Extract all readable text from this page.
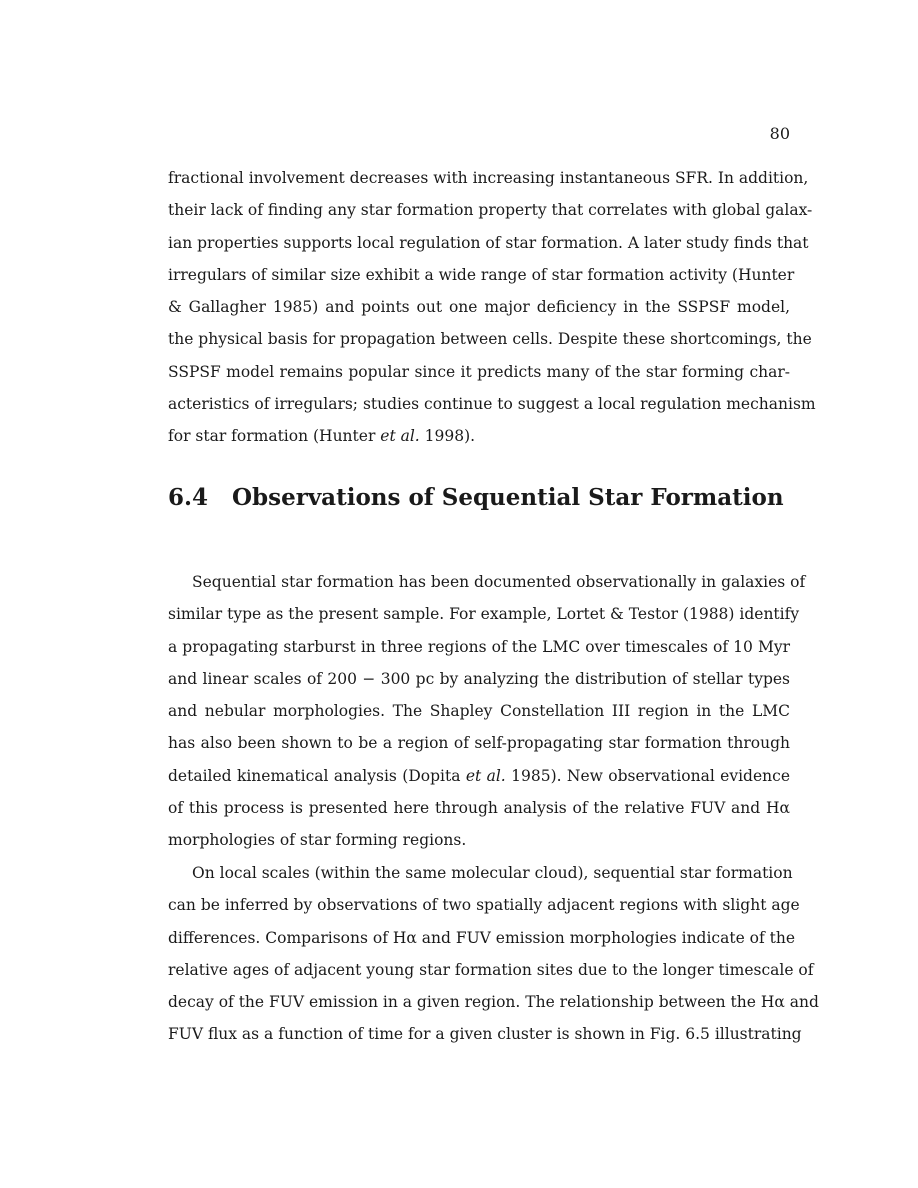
80
fractional involvement decreases with increasing instantaneous SFR. In addition,
their lack of finding any star formation property that correlates with global galax-
ian properties supports local regulation of star formation. A later study finds that
irregulars of similar size exhibit a wide range of star formation activity (Hunter
& Gallagher 1985) and points out one major deficiency in the SSPSF model,
the physical basis for propagation between cells. Despite these shortcomings, the
SSPSF model remains popular since it predicts many of the star forming char-
acteristics of irregulars; studies continue to suggest a local regulation mechanism
for star formation (Hunter et al. 1998).
6.4 Observations of Sequential Star Formation
Sequential star formation has been documented observationally in galaxies of
similar type as the present sample. For example, Lortet & Testor (1988) identify
a propagating starburst in three regions of the LMC over timescales of 10 Myr
and linear scales of 200 − 300 pc by analyzing the distribution of stellar types
and nebular morphologies. The Shapley Constellation III region in the LMC
has also been shown to be a region of self-propagating star formation through
detailed kinematical analysis (Dopita et al. 1985). New observational evidence
of this process is presented here through analysis of the relative FUV and Hα
morphologies of star forming regions.
On local scales (within the same molecular cloud), sequential star formation
can be inferred by observations of two spatially adjacent regions with slight age
differences. Comparisons of Hα and FUV emission morphologies indicate of the
relative ages of adjacent young star formation sites due to the longer timescale of
decay of the FUV emission in a given region. The relationship between the Hα and
FUV flux as a function of time for a given cluster is shown in Fig. 6.5 illustrating
